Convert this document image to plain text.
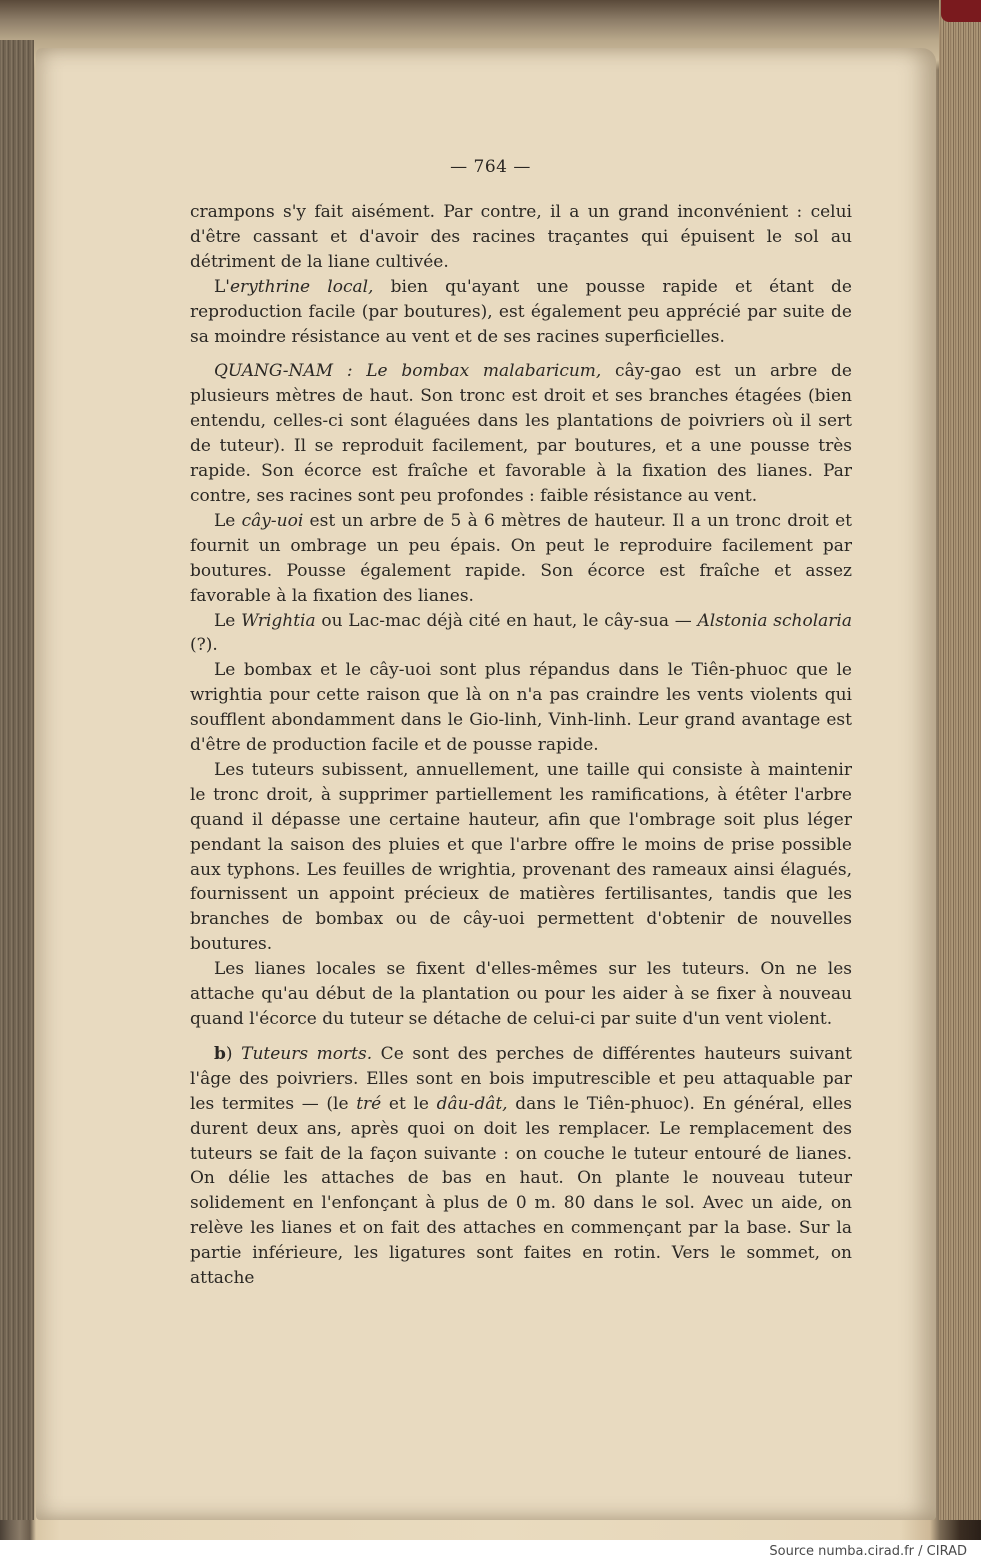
— 764 —

crampons s'y fait aisément. Par contre, il a un grand inconvénient : celui d'être cassant et d'avoir des racines traçantes qui épuisent le sol au détriment de la liane cultivée.

L'erythrine local, bien qu'ayant une pousse rapide et étant de reproduction facile (par boutures), est également peu apprécié par suite de sa moindre résistance au vent et de ses racines superficielles.

QUANG-NAM : Le bombax malabaricum, cây-gao est un arbre de plusieurs mètres de haut. Son tronc est droit et ses branches étagées (bien entendu, celles-ci sont élaguées dans les plantations de poivriers où il sert de tuteur). Il se reproduit facilement, par boutures, et a une pousse très rapide. Son écorce est fraîche et favorable à la fixation des lianes. Par contre, ses racines sont peu profondes : faible résistance au vent.

Le cây-uoi est un arbre de 5 à 6 mètres de hauteur. Il a un tronc droit et fournit un ombrage un peu épais. On peut le reproduire facilement par boutures. Pousse également rapide. Son écorce est fraîche et assez favorable à la fixation des lianes.

Le Wrightia ou Lac-mac déjà cité en haut, le cây-sua — Alstonia scholaria (?).

Le bombax et le cây-uoi sont plus répandus dans le Tiên-phuoc que le wrightia pour cette raison que là on n'a pas craindre les vents violents qui soufflent abondamment dans le Gio-linh, Vinh-linh. Leur grand avantage est d'être de production facile et de pousse rapide.

Les tuteurs subissent, annuellement, une taille qui consiste à maintenir le tronc droit, à supprimer partiellement les ramifications, à étêter l'arbre quand il dépasse une certaine hauteur, afin que l'ombrage soit plus léger pendant la saison des pluies et que l'arbre offre le moins de prise possible aux typhons. Les feuilles de wrightia, provenant des rameaux ainsi élagués, fournissent un appoint précieux de matières fertilisantes, tandis que les branches de bombax ou de cây-uoi permettent d'obtenir de nouvelles boutures.

Les lianes locales se fixent d'elles-mêmes sur les tuteurs. On ne les attache qu'au début de la plantation ou pour les aider à se fixer à nouveau quand l'écorce du tuteur se détache de celui-ci par suite d'un vent violent.

b) Tuteurs morts. Ce sont des perches de différentes hauteurs suivant l'âge des poivriers. Elles sont en bois imputrescible et peu attaquable par les termites — (le tré et le dâu-dât, dans le Tiên-phuoc). En général, elles durent deux ans, après quoi on doit les remplacer. Le remplacement des tuteurs se fait de la façon suivante : on couche le tuteur entouré de lianes. On délie les attaches de bas en haut. On plante le nouveau tuteur solidement en l'enfonçant à plus de 0 m. 80 dans le sol. Avec un aide, on relève les lianes et on fait des attaches en commençant par la base. Sur la partie inférieure, les ligatures sont faites en rotin. Vers le sommet, on attache

Source numba.cirad.fr / CIRAD
